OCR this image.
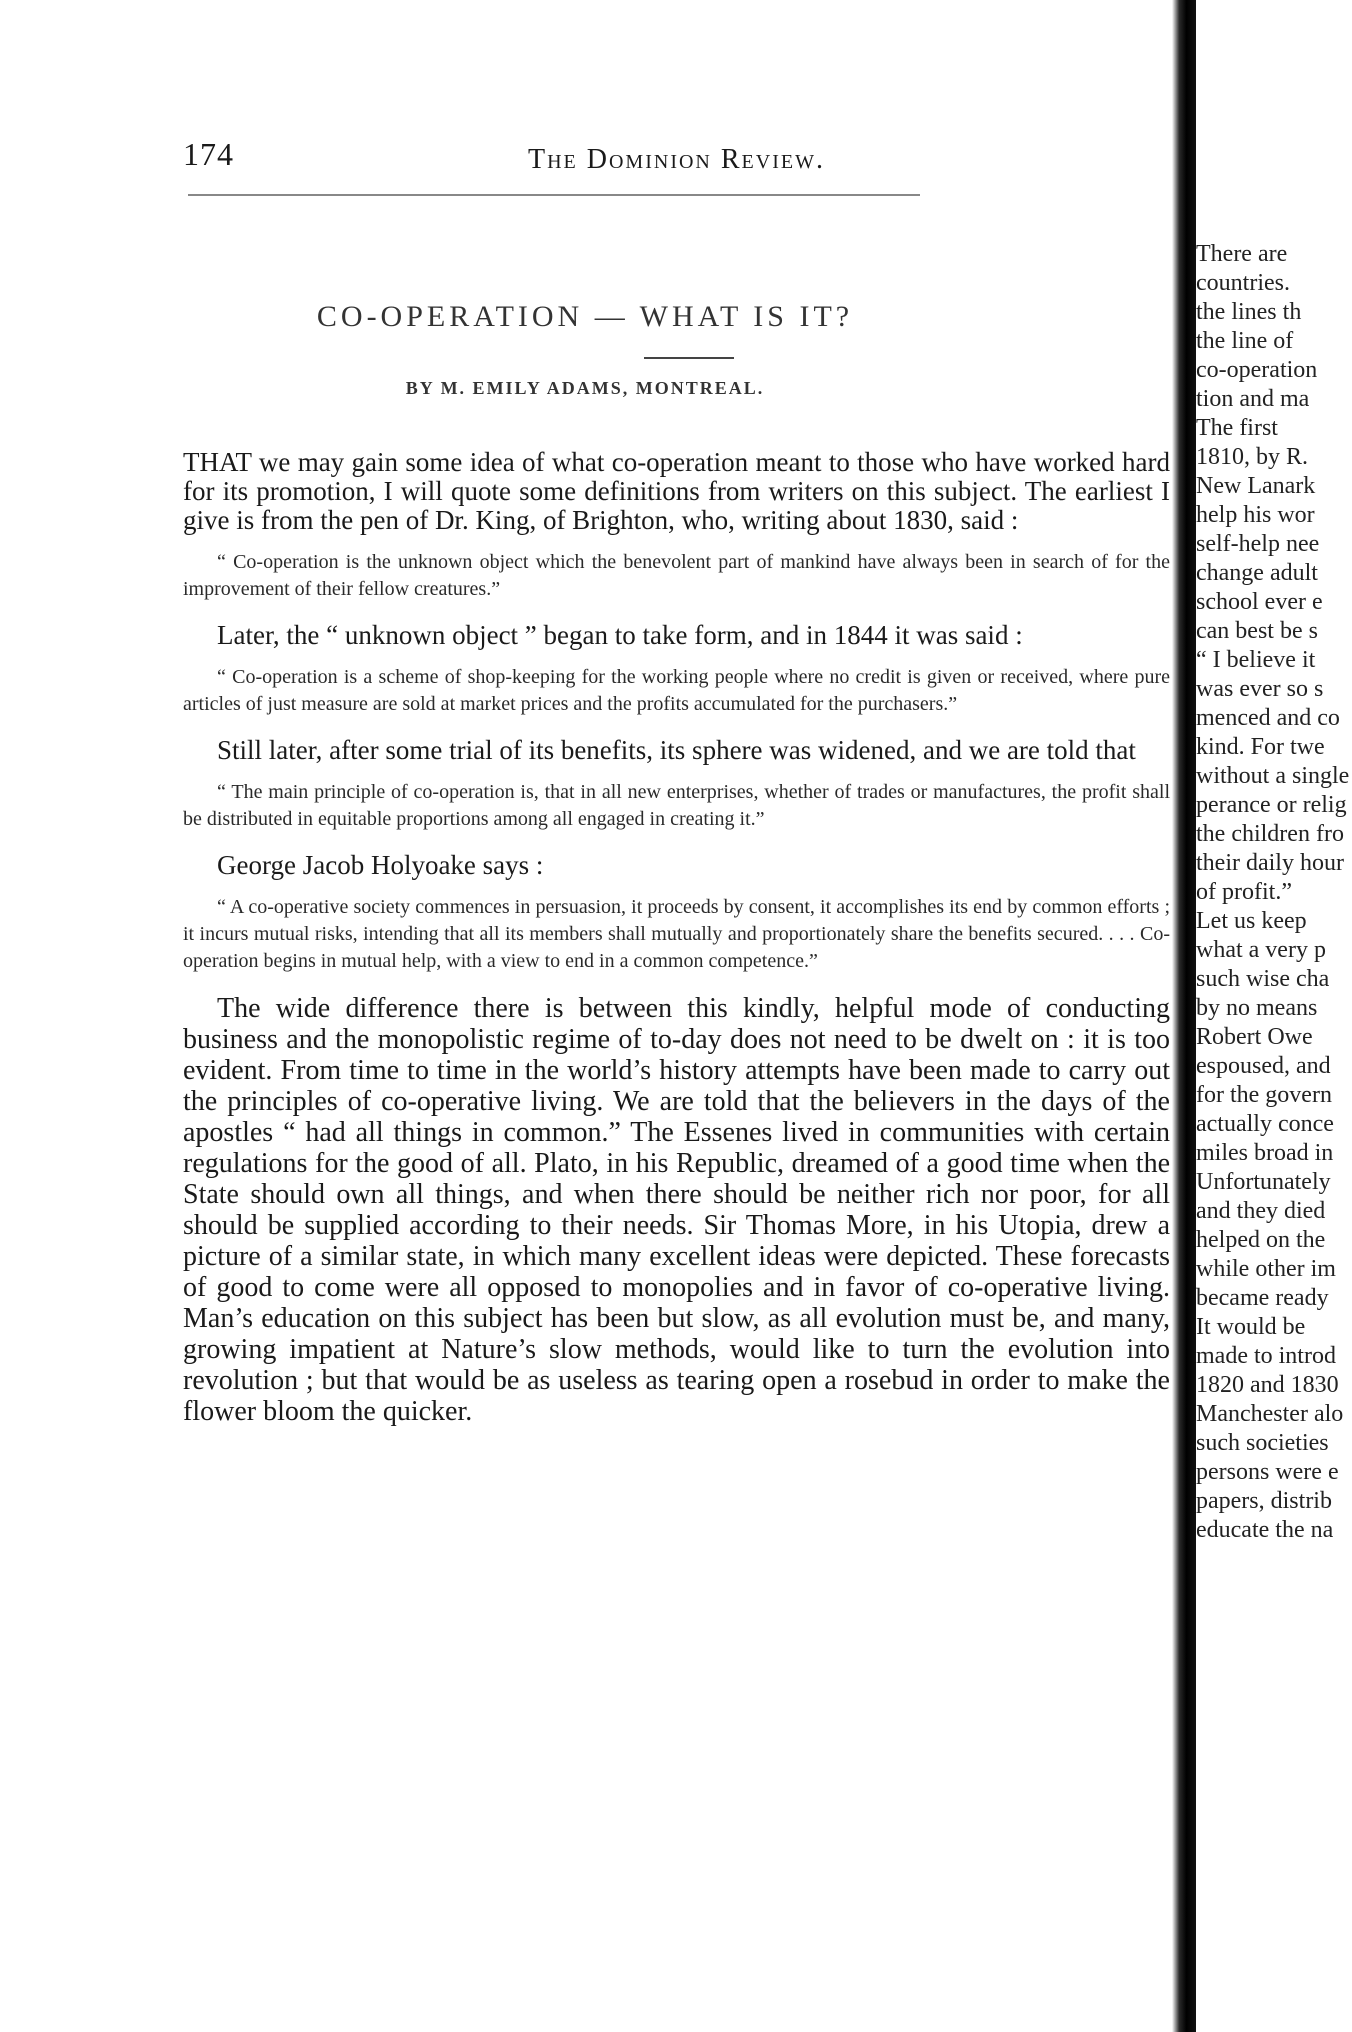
174	The Dominion Review.
CO-OPERATION — WHAT IS IT?
BY M. EMILY ADAMS, MONTREAL.

THAT we may gain some idea of what co-operation meant to those who have worked hard for its promotion, I will quote some definitions from writers on this subject. The earliest I give is from the pen of Dr. King, of Brighton, who, writing about 1830, said :

“ Co-operation is the unknown object which the benevolent part of mankind have always been in search of for the improvement of their fellow creatures.”

Later, the “ unknown object ” began to take form, and in 1844 it was said :

“ Co-operation is a scheme of shop-keeping for the working people where no credit is given or received, where pure articles of just measure are sold at market prices and the profits accumulated for the purchasers.”

Still later, after some trial of its benefits, its sphere was widened, and we are told that

“ The main principle of co-operation is, that in all new enterprises, whether of trades or manufactures, the profit shall be distributed in equitable proportions among all engaged in creating it.”

George Jacob Holyoake says :

“ A co-operative society commences in persuasion, it proceeds by consent, it accomplishes its end by common efforts ; it incurs mutual risks, intending that all its members shall mutually and proportionately share the benefits secured. . . . Co-operation begins in mutual help, with a view to end in a common competence.”

The wide difference there is between this kindly, helpful mode of conducting business and the monopolistic regime of to-day does not need to be dwelt on : it is too evident. From time to time in the world’s history attempts have been made to carry out the principles of co-operative living. We are told that the believers in the days of the apostles “ had all things in common.” The Essenes lived in communities with certain regulations for the good of all. Plato, in his Republic, dreamed of a good time when the State should own all things, and when there should be neither rich nor poor, for all should be supplied according to their needs. Sir Thomas More, in his Utopia, drew a picture of a similar state, in which many excellent ideas were depicted. These forecasts of good to come were all opposed to monopolies and in favor of co-operative living. Man’s education on this subject has been but slow, as all evolution must be, and many, growing impatient at Nature’s slow methods, would like to turn the evolution into revolution ; but that would be as useless as tearing open a rosebud in order to make the flower bloom the quicker.

There are
countries.
the lines th
the line of
co-operation
tion and ma
The first
1810, by R.
New Lanark
help his wor
self-help nee
change adult
school ever e
can best be s
“ I believe it
was ever so s
menced and co
kind. For twe
without a single
perance or relig
the children fro
their daily hour
of profit.”
Let us keep
what a very p
such wise cha
by no means
Robert Owe
espoused, and
for the govern
actually conce
miles broad in
Unfortunately
and they died
helped on the
while other im
became ready
It would be
made to introd
1820 and 1830
Manchester alo
such societies
persons were e
papers, distrib
educate the na
